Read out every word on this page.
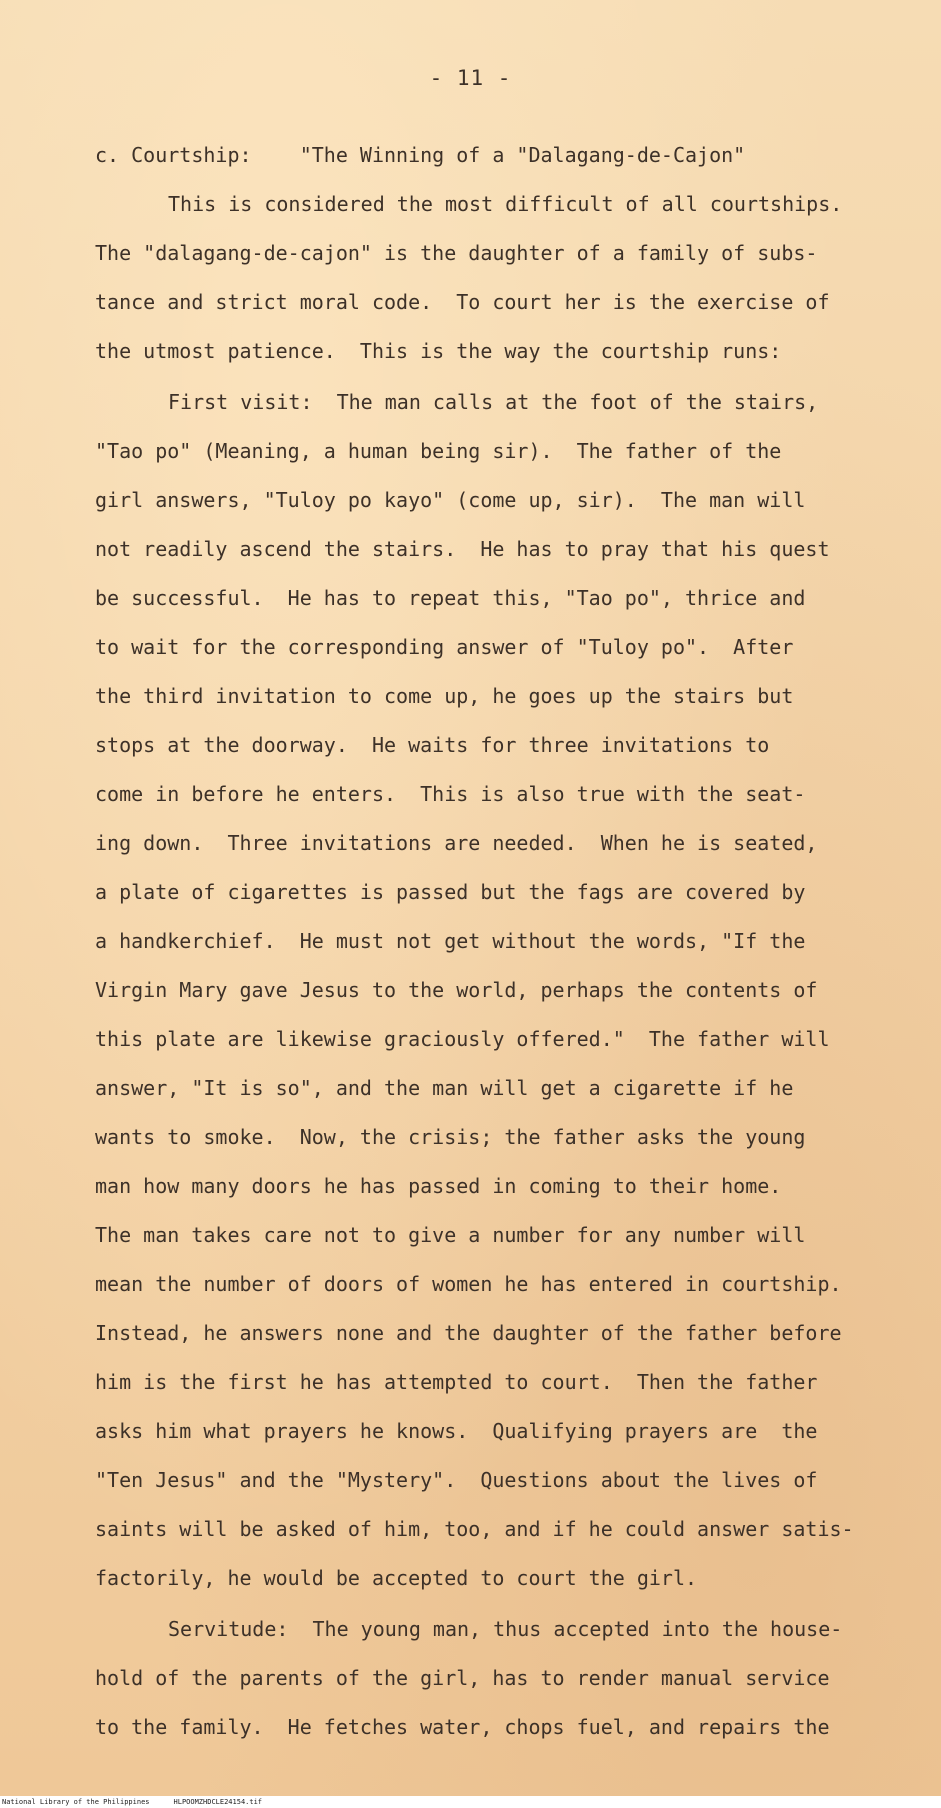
- 11 -
c. Courtship:    "The Winning of a "Dalagang-de-Cajon"
This is considered the most difficult of all courtships.
The "dalagang-de-cajon" is the daughter of a family of subs-
tance and strict moral code.  To court her is the exercise of
the utmost patience.  This is the way the courtship runs:
First visit:  The man calls at the foot of the stairs,
"Tao po" (Meaning, a human being sir).  The father of the
girl answers, "Tuloy po kayo" (come up, sir).  The man will
not readily ascend the stairs.  He has to pray that his quest
be successful.  He has to repeat this, "Tao po", thrice and
to wait for the corresponding answer of "Tuloy po".  After
the third invitation to come up, he goes up the stairs but
stops at the doorway.  He waits for three invitations to
come in before he enters.  This is also true with the seat-
ing down.  Three invitations are needed.  When he is seated,
a plate of cigarettes is passed but the fags are covered by
a handkerchief.  He must not get without the words, "If the
Virgin Mary gave Jesus to the world, perhaps the contents of
this plate are likewise graciously offered."  The father will
answer, "It is so", and the man will get a cigarette if he
wants to smoke.  Now, the crisis; the father asks the young
man how many doors he has passed in coming to their home.
The man takes care not to give a number for any number will
mean the number of doors of women he has entered in courtship.
Instead, he answers none and the daughter of the father before
him is the first he has attempted to court.  Then the father
asks him what prayers he knows.  Qualifying prayers are  the
"Ten Jesus" and the "Mystery".  Questions about the lives of
saints will be asked of him, too, and if he could answer satis-
factorily, he would be accepted to court the girl.
Servitude:  The young man, thus accepted into the house-
hold of the parents of the girl, has to render manual service
to the family.  He fetches water, chops fuel, and repairs the
National Library of the Philippines	HLPOOMZHDCLE24154.tif
